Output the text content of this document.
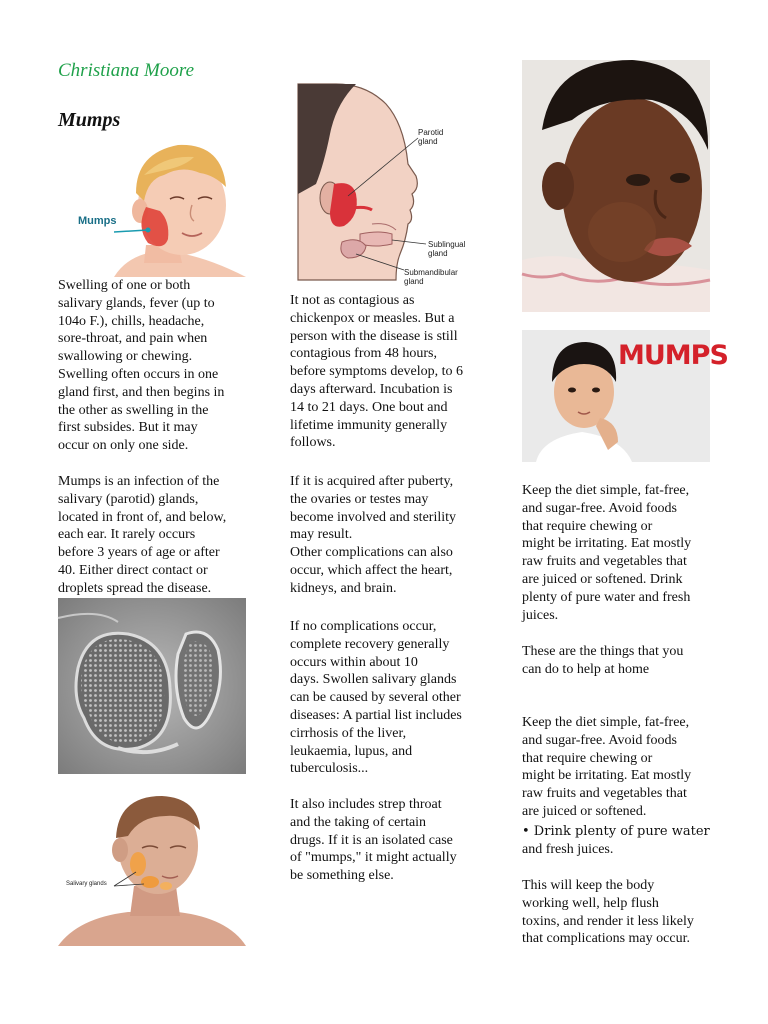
Christiana Moore

Mumps

Mumps

Swelling of one or both
salivary glands, fever (up to
104o F.), chills, headache,
sore-throat, and pain when
swallowing or chewing.
Swelling often occurs in one
gland first, and then begins in
the other as swelling in the
first subsides. But it may
occur on only one side.

Mumps is an infection of the
salivary (parotid) glands,
located in front of, and below,
each ear. It rarely occurs
before 3 years of age or after
40. Either direct contact or
droplets spread the disease.

Salivary glands
Parotid
gland
Sublingual
gland
Submandibular
gland

It not as contagious as
chickenpox or measles. But a
person with the disease is still
contagious from 48 hours,
before symptoms develop, to 6
days afterward. Incubation is
14 to 21 days. One bout and
lifetime immunity generally
follows.

If it is acquired after puberty,
the ovaries or testes may
become involved and sterility
may result.
Other complications can also
occur, which affect the heart,
kidneys, and brain.

If no complications occur,
complete recovery generally
occurs within about 10
days. Swollen salivary glands
can be caused by several other
diseases: A partial list includes
cirrhosis of the liver,
leukaemia, lupus, and
tuberculosis...

It also includes strep throat
and the taking of certain
drugs. If it is an isolated case
of "mumps," it might actually
be something else.

MUMPS

Keep the diet simple, fat-free,
and sugar-free. Avoid foods
that require chewing or
might be irritating. Eat mostly
raw fruits and vegetables that
are juiced or softened. Drink
plenty of pure water and fresh
juices.

These are the things that you
can do to help at home

Keep the diet simple, fat-free,
and sugar-free. Avoid foods
that require chewing or
might be irritating. Eat mostly
raw fruits and vegetables that
are juiced or softened.

• Drink plenty of pure water

and fresh juices.

This will keep the body
working well, help flush
toxins, and render it less likely
that complications may occur.
